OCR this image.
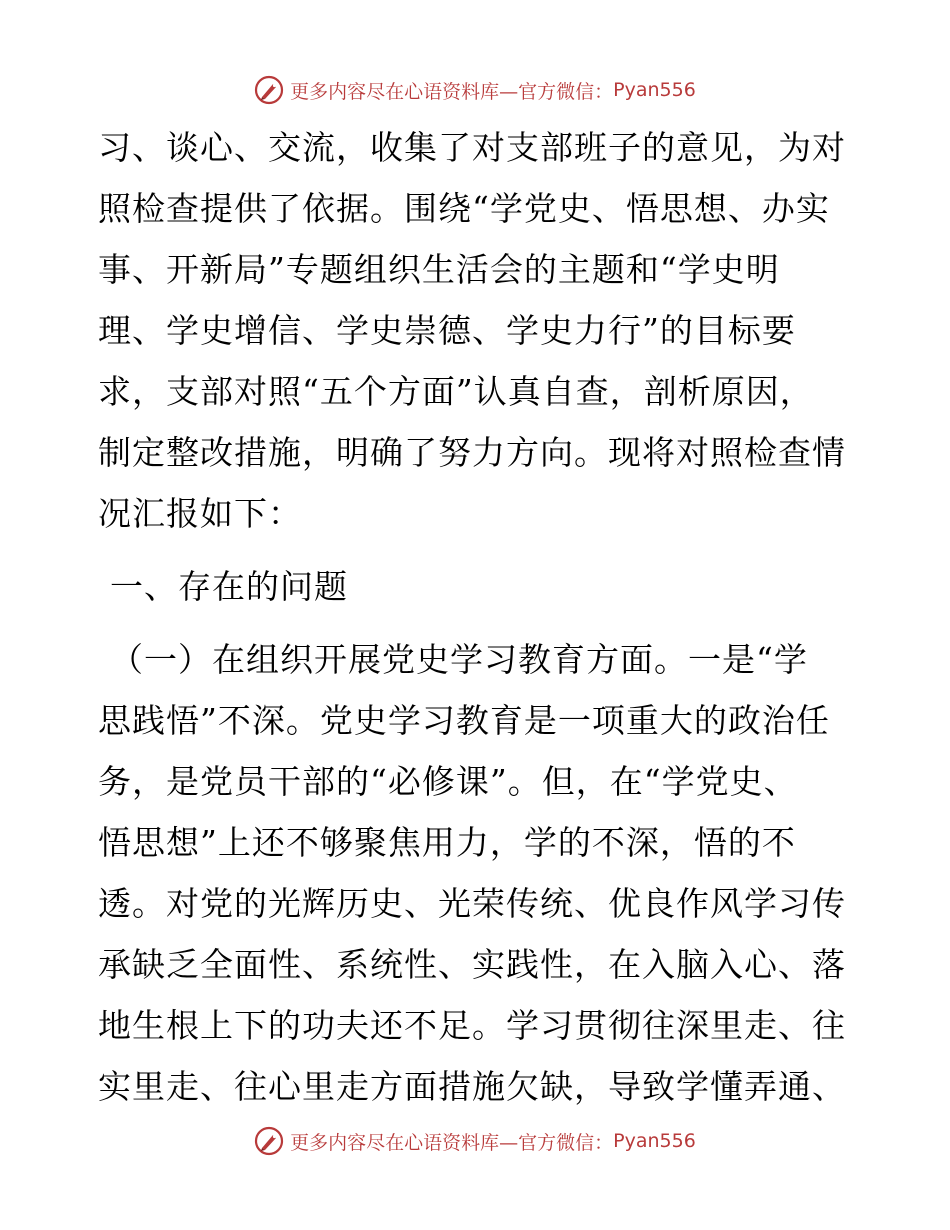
更多内容尽在心语资料库—官方微信： Pyan556
习、谈心、交流，收集了对支部班子的意见，为对
照检查提供了依据。围绕“学党史、悟思想、办实
事、开新局”专题组织生活会的主题和“学史明
理、学史增信、学史崇德、学史力行”的目标要
求，支部对照“五个方面”认真自查，剖析原因，
制定整改措施，明确了努力方向。现将对照检查情
况汇报如下：
一、存在的问题
（一）在组织开展党史学习教育方面。一是“学
思践悟”不深。党史学习教育是一项重大的政治任
务，是党员干部的“必修课”。但，在“学党史、
悟思想”上还不够聚焦用力，学的不深，悟的不
透。对党的光辉历史、光荣传统、优良作风学习传
承缺乏全面性、系统性、实践性，在入脑入心、落
地生根上下的功夫还不足。学习贯彻往深里走、往
实里走、往心里走方面措施欠缺，导致学懂弄通、
更多内容尽在心语资料库—官方微信： Pyan556
